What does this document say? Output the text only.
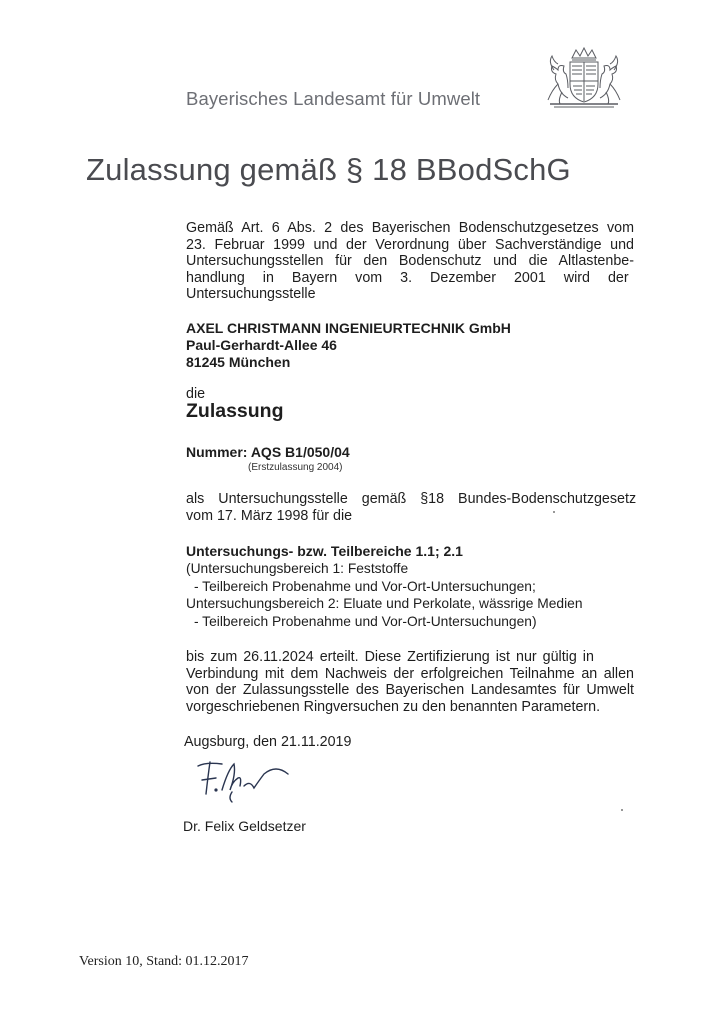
Bayerisches Landesamt für Umwelt
Zulassung gemäß § 18 BBodSchG
Gemäß Art. 6 Abs. 2 des Bayerischen Bodenschutzgesetzes vom
23. Februar 1999 und der Verordnung über Sachverständige und
Untersuchungsstellen für den Bodenschutz und die Altlastenbe-
handlung in Bayern vom 3. Dezember 2001 wird der
Untersuchungsstelle
AXEL CHRISTMANN INGENIEURTECHNIK GmbH
Paul-Gerhardt-Allee 46
81245 München
die
Zulassung
Nummer: AQS B1/050/04
(Erstzulassung 2004)
als Untersuchungsstelle gemäß §18 Bundes-Bodenschutzgesetz
vom 17. März 1998 für die
Untersuchungs- bzw. Teilbereiche 1.1; 2.1
(Untersuchungsbereich 1: Feststoffe
- Teilbereich Probenahme und Vor-Ort-Untersuchungen;
Untersuchungsbereich 2: Eluate und Perkolate, wässrige Medien
- Teilbereich Probenahme und Vor-Ort-Untersuchungen)
bis zum 26.11.2024 erteilt. Diese Zertifizierung ist nur gültig in
Verbindung mit dem Nachweis der erfolgreichen Teilnahme an allen
von der Zulassungsstelle des Bayerischen Landesamtes für Umwelt
vorgeschriebenen Ringversuchen zu den benannten Parametern.
Augsburg, den 21.11.2019
Dr. Felix Geldsetzer
Version 10, Stand: 01.12.2017
